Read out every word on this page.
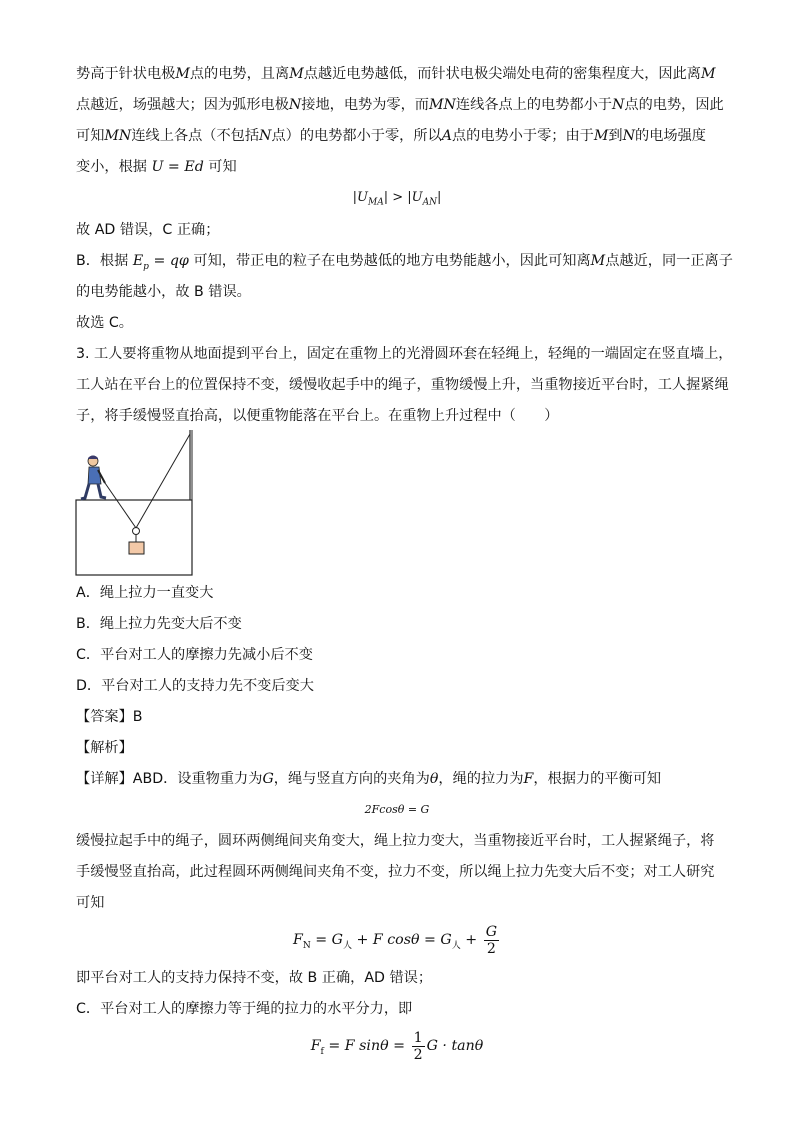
势高于针状电极M点的电势，且离M点越近电势越低，而针状电极尖端处电荷的密集程度大，因此离M
点越近，场强越大；因为弧形电极N接地，电势为零，而MN连线各点上的电势都小于N点的电势，因此
可知MN连线上各点（不包括N点）的电势都小于零，所以A点的电势小于零；由于M到N的电场强度
变小，根据 U = Ed 可知
$|U_{MA}| > |U_{AN}|$
故 AD 错误，C 正确；
B．根据 $E_p = q\varphi$ 可知，带正电的粒子在电势越低的地方电势能越小，因此可知离M点越近，同一正离子
的电势能越小，故 B 错误。
故选 C。
3. 工人要将重物从地面提到平台上，固定在重物上的光滑圆环套在轻绳上，轻绳的一端固定在竖直墙上，
工人站在平台上的位置保持不变，缓慢收起手中的绳子，重物缓慢上升，当重物接近平台时，工人握紧绳
子，将手缓慢竖直抬高，以便重物能落在平台上。在重物上升过程中（　　）
A．绳上拉力一直变大
B．绳上拉力先变大后不变
C．平台对工人的摩擦力先减小后不变
D．平台对工人的支持力先不变后变大
【答案】B
【解析】
【详解】ABD．设重物重力为G，绳与竖直方向的夹角为θ，绳的拉力为F，根据力的平衡可知
2Fcosθ = G
缓慢拉起手中的绳子，圆环两侧绳间夹角变大，绳上拉力变大，当重物接近平台时，工人握紧绳子，将
手缓慢竖直抬高，此过程圆环两侧绳间夹角不变，拉力不变，所以绳上拉力先变大后不变；对工人研究
可知
$F_N = G_人 + F$ $\cos\theta = G_人 + \frac{G}{2}$
即平台对工人的支持力保持不变，故 B 正确，AD 错误；
C．平台对工人的摩擦力等于绳的拉力的水平分力，即
$F_f = F$ $\sin\theta = \frac{1}{2}$ G · tanθ
